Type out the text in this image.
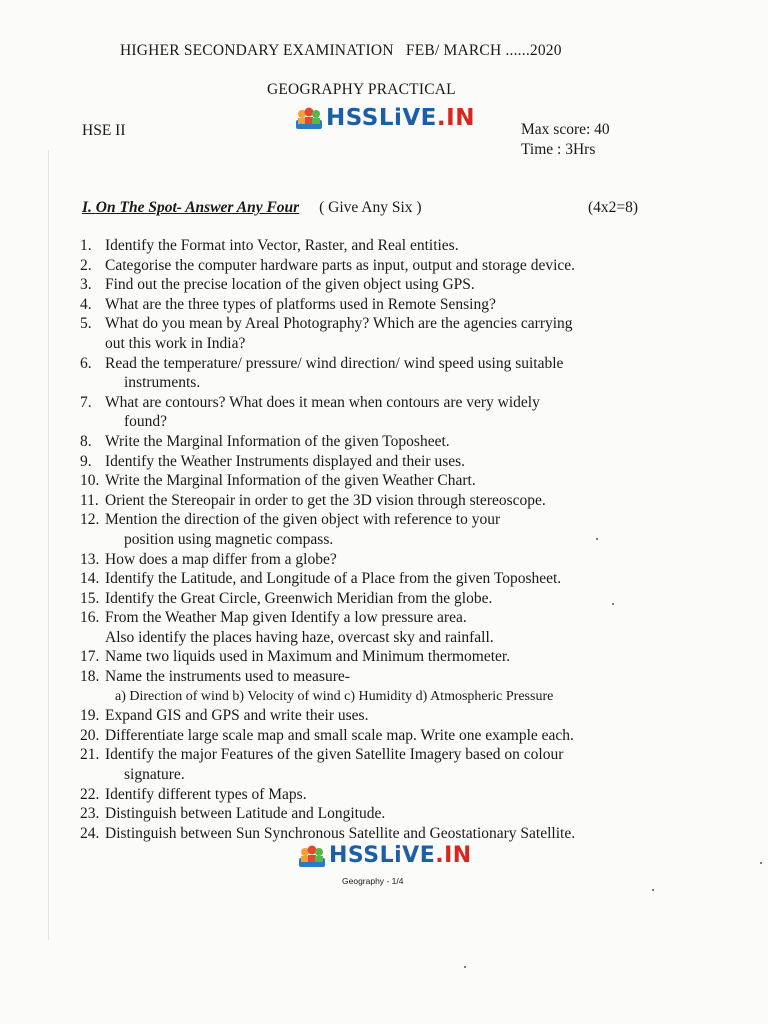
HIGHER SECONDARY EXAMINATION   FEB/ MARCH ......2020
GEOGRAPHY PRACTICAL
HSE II	HSSLiVE.IN	Max score: 40
Time : 3Hrs
I. On The Spot- Answer Any Four ( Give Any Six )	(4x2=8)
1. Identify the Format into Vector, Raster, and Real entities.
2. Categorise the computer hardware parts as input, output and storage device.
3. Find out the precise location of the given object using GPS.
4. What are the three types of platforms used in Remote Sensing?
5. What do you mean by Areal Photography? Which are the agencies carrying
out this work in India?
6. Read the temperature/ pressure/ wind direction/ wind speed using suitable
instruments.
7. What are contours? What does it mean when contours are very widely
found?
8. Write the Marginal Information of the given Toposheet.
9. Identify the Weather Instruments displayed and their uses.
10. Write the Marginal Information of the given Weather Chart.
11. Orient the Stereopair in order to get the 3D vision through stereoscope.
12. Mention the direction of the given object with reference to your
position using magnetic compass.
13. How does a map differ from a globe?
14. Identify the Latitude, and Longitude of a Place from the given Toposheet.
15. Identify the Great Circle, Greenwich Meridian from the globe.
16. From the Weather Map given Identify a low pressure area.
Also identify the places having haze, overcast sky and rainfall.
17. Name two liquids used in Maximum and Minimum thermometer.
18. Name the instruments used to measure-
a) Direction of wind b) Velocity of wind c) Humidity d) Atmospheric Pressure
19. Expand GIS and GPS and write their uses.
20. Differentiate large scale map and small scale map. Write one example each.
21. Identify the major Features of the given Satellite Imagery based on colour
signature.
22. Identify different types of Maps.
23. Distinguish between Latitude and Longitude.
24. Distinguish between Sun Synchronous Satellite and Geostationary Satellite.
HSSLiVE.IN
Geography - 1/4
